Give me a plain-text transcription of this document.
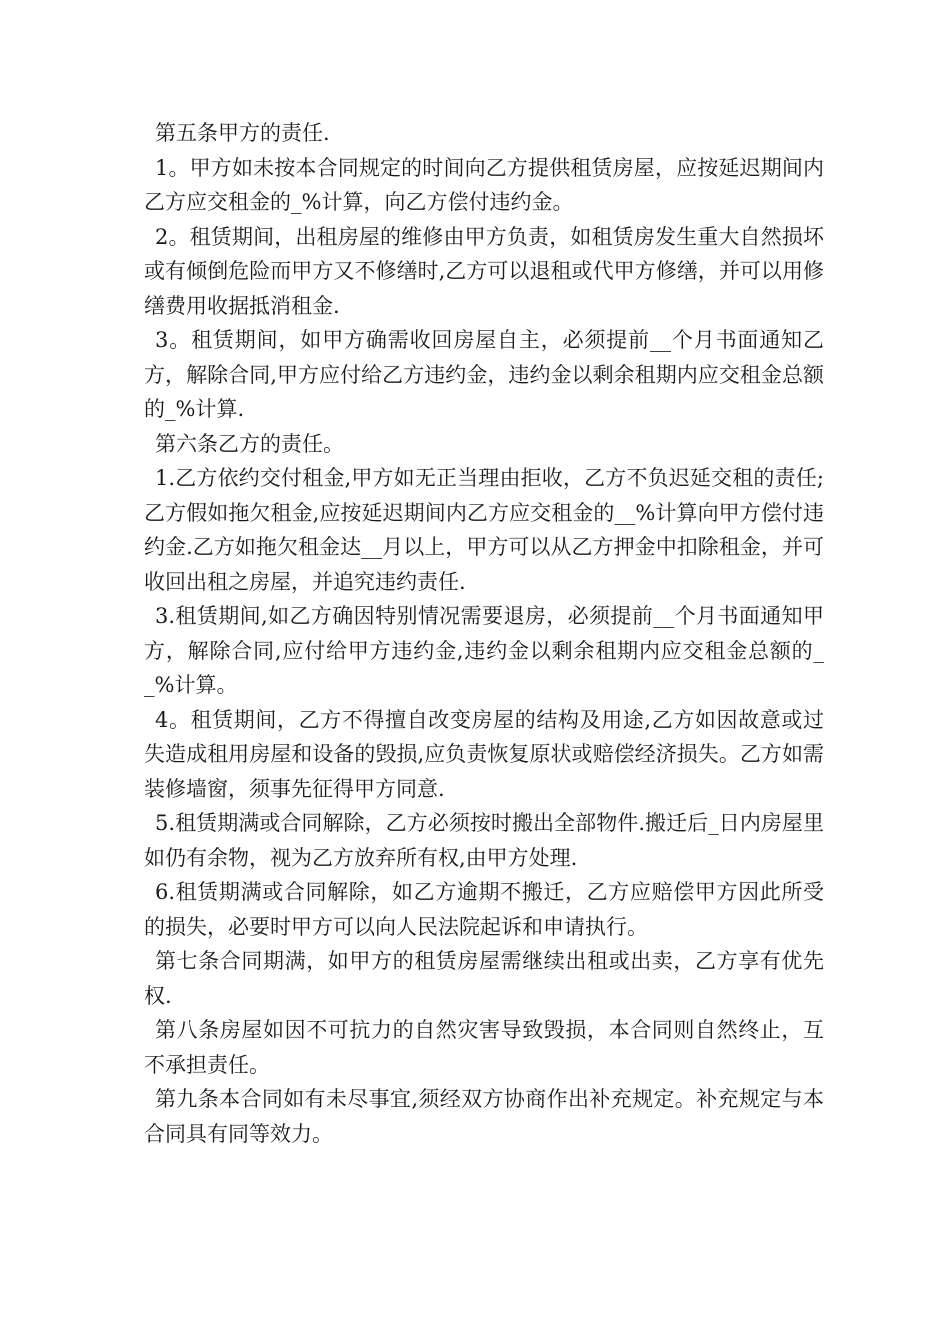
第五条甲方的责任.

1。甲方如未按本合同规定的时间向乙方提供租赁房屋，应按延迟期间内乙方应交租金的_%计算，向乙方偿付违约金。

2。租赁期间，出租房屋的维修由甲方负责，如租赁房发生重大自然损坏或有倾倒危险而甲方又不修缮时,乙方可以退租或代甲方修缮，并可以用修缮费用收据抵消租金.

3。租赁期间，如甲方确需收回房屋自主，必须提前__个月书面通知乙方，解除合同,甲方应付给乙方违约金，违约金以剩余租期内应交租金总额的_%计算.

第六条乙方的责任。

1.乙方依约交付租金,甲方如无正当理由拒收，乙方不负迟延交租的责任;乙方假如拖欠租金,应按延迟期间内乙方应交租金的__%计算向甲方偿付违约金.乙方如拖欠租金达__月以上，甲方可以从乙方押金中扣除租金，并可收回出租之房屋，并追究违约责任.

3.租赁期间,如乙方确因特别情况需要退房，必须提前__个月书面通知甲方，解除合同,应付给甲方违约金,违约金以剩余租期内应交租金总额的__%计算。

4。租赁期间，乙方不得擅自改变房屋的结构及用途,乙方如因故意或过失造成租用房屋和设备的毁损,应负责恢复原状或赔偿经济损失。乙方如需装修墙窗，须事先征得甲方同意.

5.租赁期满或合同解除，乙方必须按时搬出全部物件.搬迁后_日内房屋里如仍有余物，视为乙方放弃所有权,由甲方处理.

6.租赁期满或合同解除，如乙方逾期不搬迁，乙方应赔偿甲方因此所受的损失，必要时甲方可以向人民法院起诉和申请执行。

第七条合同期满，如甲方的租赁房屋需继续出租或出卖，乙方享有优先权.

第八条房屋如因不可抗力的自然灾害导致毁损，本合同则自然终止，互不承担责任。

第九条本合同如有未尽事宜,须经双方协商作出补充规定。补充规定与本合同具有同等效力。
